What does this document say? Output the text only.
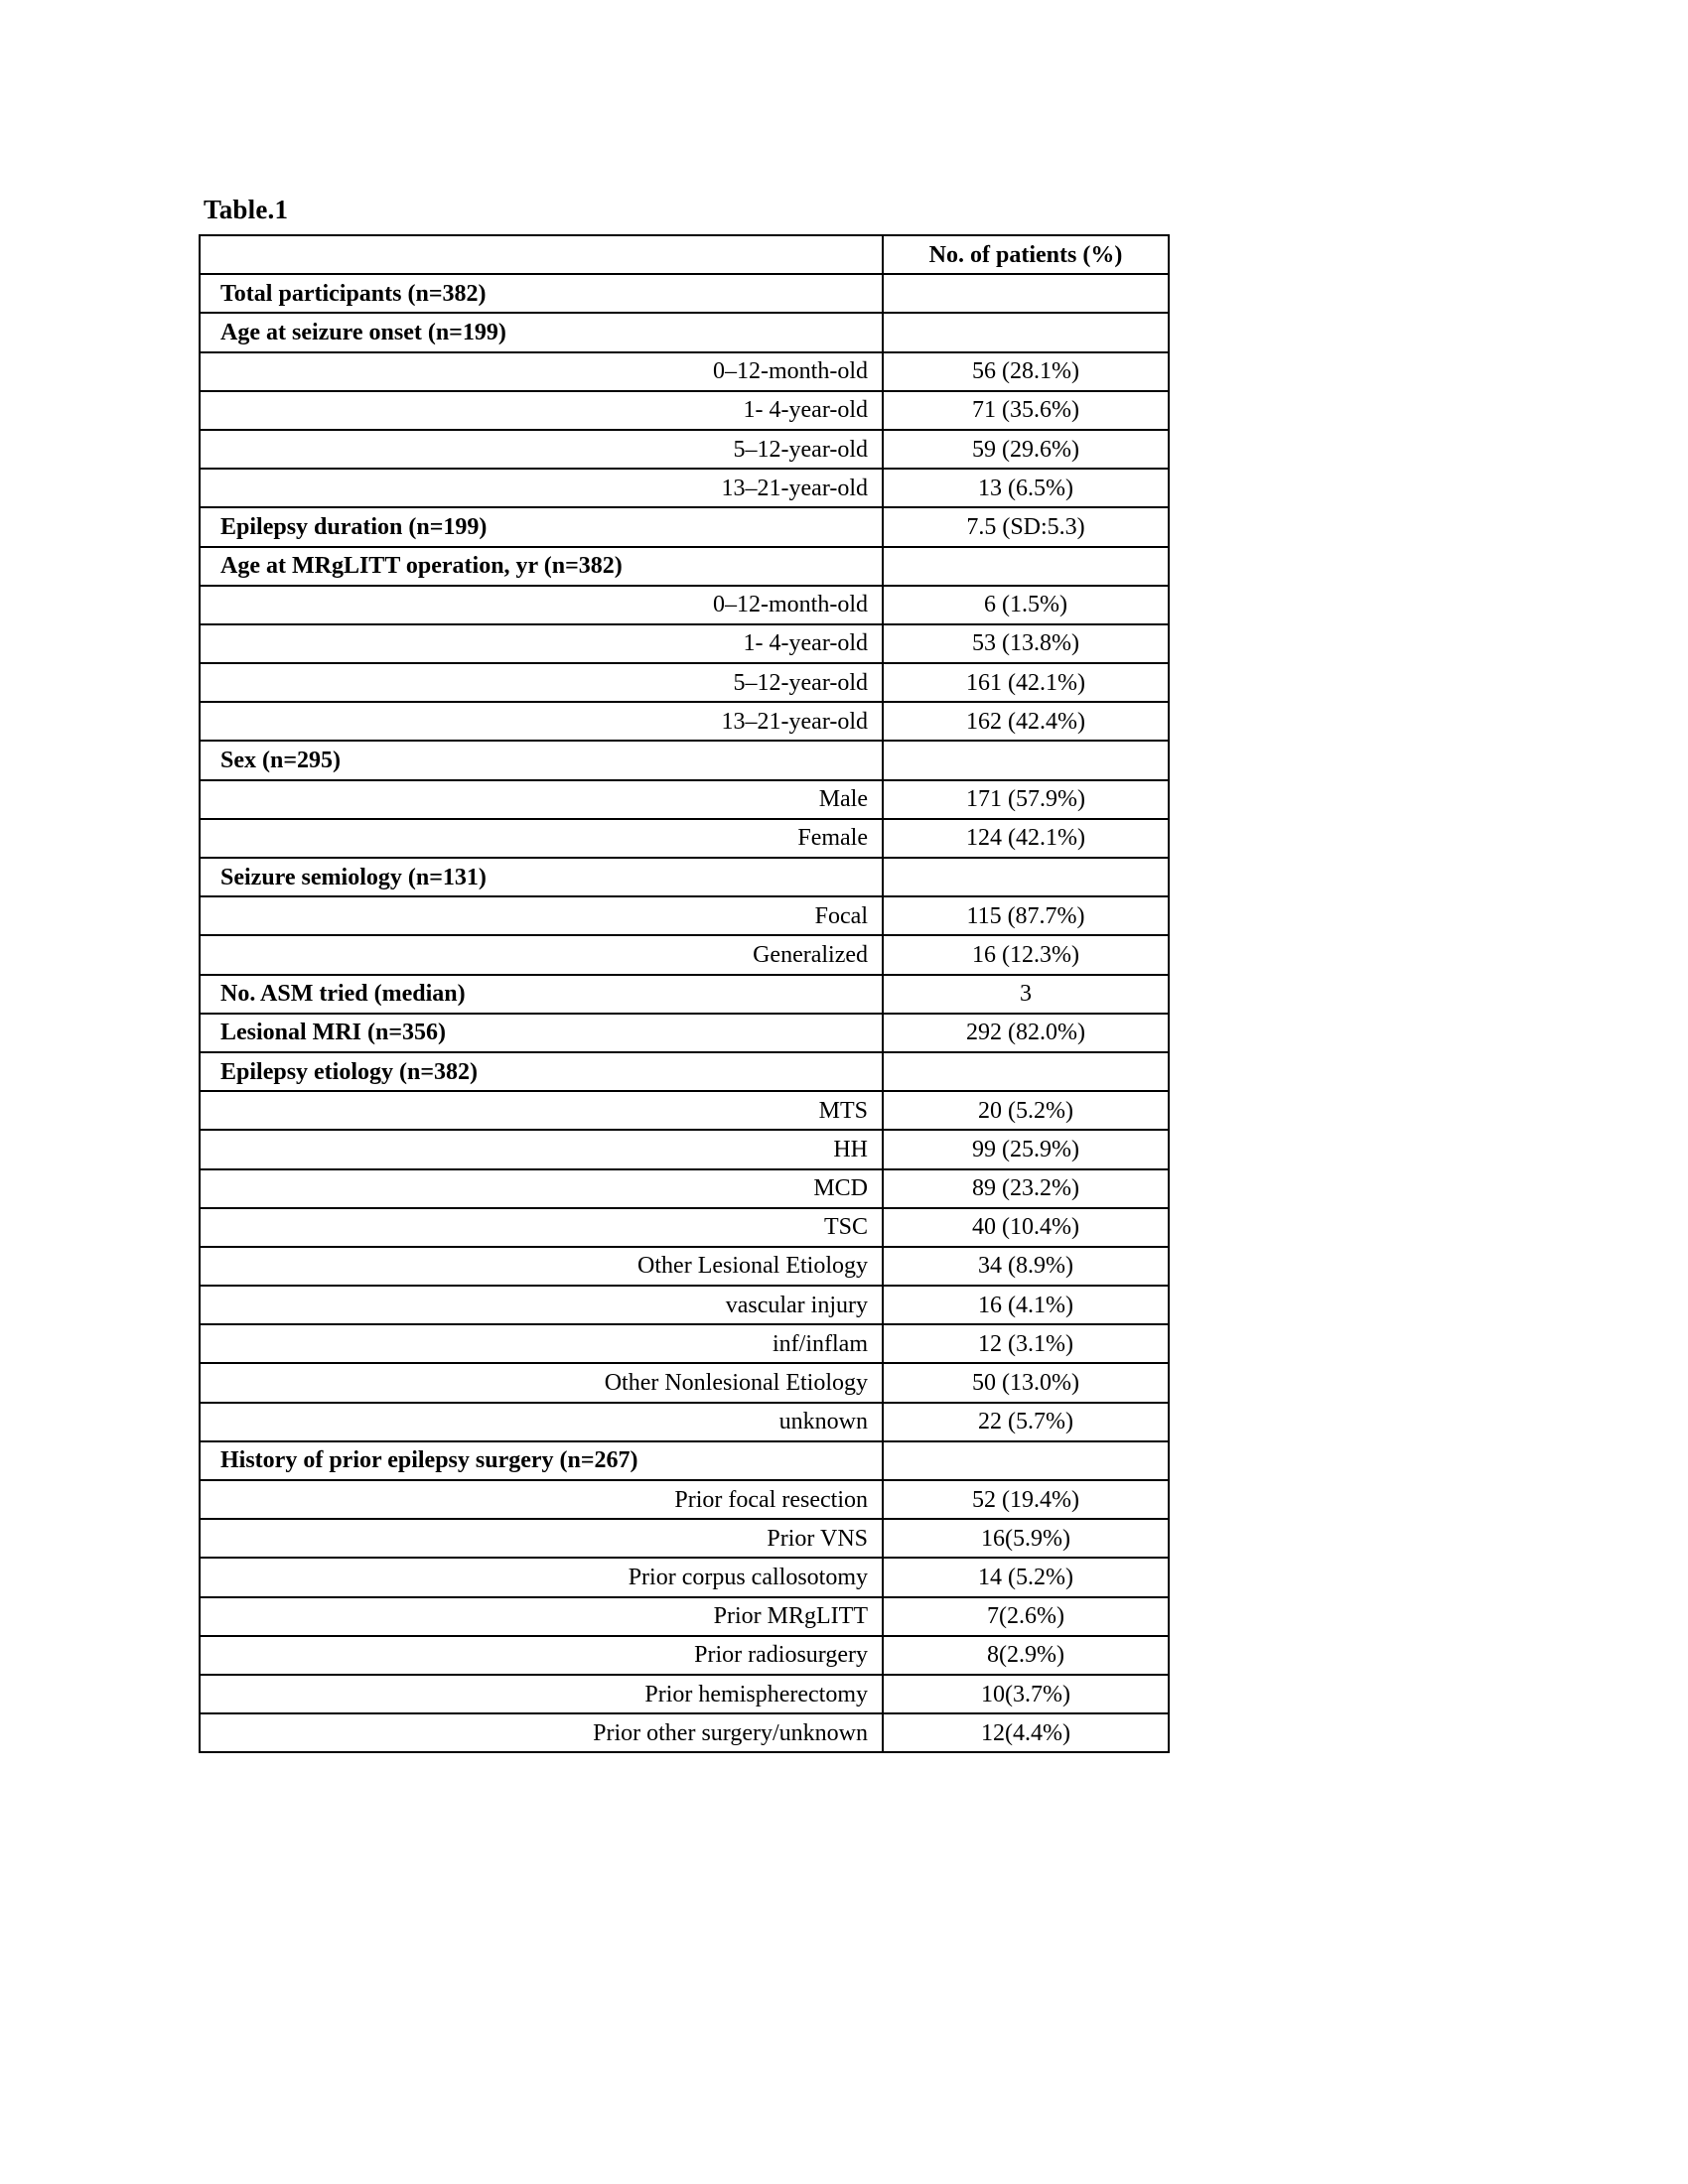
Table.1
	No. of patients (%)
Total participants (n=382)	
Age at seizure onset (n=199)	
0–12-month-old	56 (28.1%)
1- 4-year-old	71 (35.6%)
5–12-year-old	59 (29.6%)
13–21-year-old	13 (6.5%)
Epilepsy duration (n=199)	7.5 (SD:5.3)
Age at MRgLITT operation, yr (n=382)	
0–12-month-old	6 (1.5%)
1- 4-year-old	53 (13.8%)
5–12-year-old	161 (42.1%)
13–21-year-old	162 (42.4%)
Sex (n=295)	
Male	171 (57.9%)
Female	124 (42.1%)
Seizure semiology (n=131)	
Focal	115 (87.7%)
Generalized	16 (12.3%)
No. ASM tried (median)	3
Lesional MRI (n=356)	292 (82.0%)
Epilepsy etiology (n=382)	
MTS	20 (5.2%)
HH	99 (25.9%)
MCD	89 (23.2%)
TSC	40 (10.4%)
Other Lesional Etiology	34 (8.9%)
vascular injury	16 (4.1%)
inf/inflam	12 (3.1%)
Other Nonlesional Etiology	50 (13.0%)
unknown	22 (5.7%)
History of prior epilepsy surgery (n=267)	
Prior focal resection	52 (19.4%)
Prior VNS	16(5.9%)
Prior corpus callosotomy	14 (5.2%)
Prior MRgLITT	7(2.6%)
Prior radiosurgery	8(2.9%)
Prior hemispherectomy	10(3.7%)
Prior other surgery/unknown	12(4.4%)
